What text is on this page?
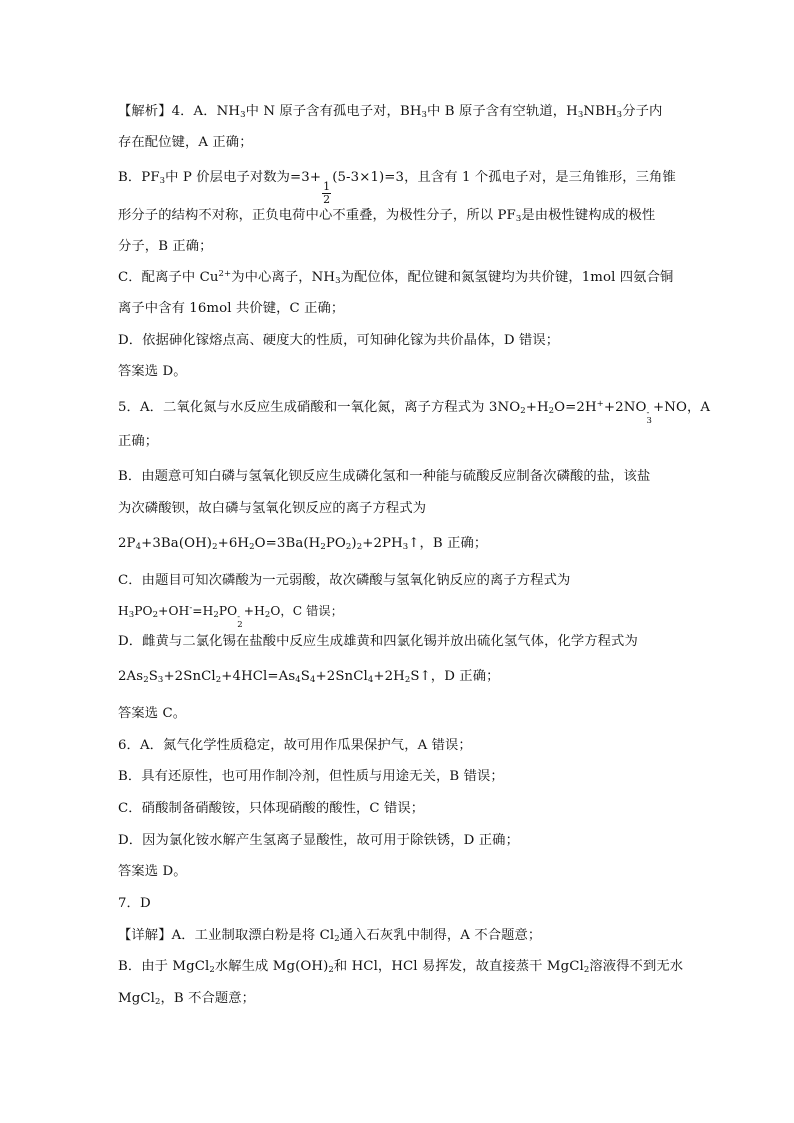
【解析】4．A．$NH_3$中 N 原子含有孤电子对，$BH_3$中 B 原子含有空轨道，$H_3NBH_3$分子内
存在配位键，A 正确；
B．$PF_3$中 P 价层电子对数为=3+
$\frac{1}{2}$
(5-3×1)=3，且含有 1 个孤电子对，是三角锥形，三角锥
形分子的结构不对称，正负电荷中心不重叠，为极性分子，所以 $PF_3$是由极性键构成的极性
分子，B 正确；
C．配离子中 $Cu^{2+}$为中心离子，$NH_3$为配位体，配位键和氮氢键均为共价键，1mol 四氨合铜
离子中含有 16mol 共价键，C 正确；
D．依据砷化镓熔点高、硬度大的性质，可知砷化镓为共价晶体，D 错误；
答案选 D。
5．A．二氧化氮与水反应生成硝酸和一氧化氮，离子方程式为 $3NO_2+H_2O=2H^++2NO$ -
3
+NO，A
正确；
B．由题意可知白磷与氢氧化钡反应生成磷化氢和一种能与硫酸反应制备次磷酸的盐，该盐
为次磷酸钡，故白磷与氢氧化钡反应的离子方程式为
$2P_4+3Ba(OH)_2+6H_2O=3Ba(H_2PO_2)_2+2PH_3↑$，B 正确；
C．由题目可知次磷酸为一元弱酸，故次磷酸与氢氧化钠反应的离子方程式为
$H_3PO_2+OH^-=H_2PO$ -
2
$+H_2O$，C 错误；
D．雌黄与二氯化锡在盐酸中反应生成雄黄和四氯化锡并放出硫化氢气体，化学方程式为
$2As_2S_3+2SnCl_2+4HCl=As_4S_4+2SnCl_4+2H_2S↑$，D 正确；
答案选 C。
6．A．氮气化学性质稳定，故可用作瓜果保护气，A 错误；
B．具有还原性，也可用作制冷剂，但性质与用途无关，B 错误；
C．硝酸制备硝酸铵，只体现硝酸的酸性，C 错误；
D．因为氯化铵水解产生氢离子显酸性，故可用于除铁锈，D 正确；
答案选 D。
7．D
【详解】A．工业制取漂白粉是将 $Cl_2$通入石灰乳中制得，A 不合题意；
B．由于 MgCl$_2$水解生成 $Mg(OH)_2$和 HCl，HCl 易挥发，故直接蒸干 MgCl$_2$溶液得不到无水
MgCl$_2$，B 不合题意；
